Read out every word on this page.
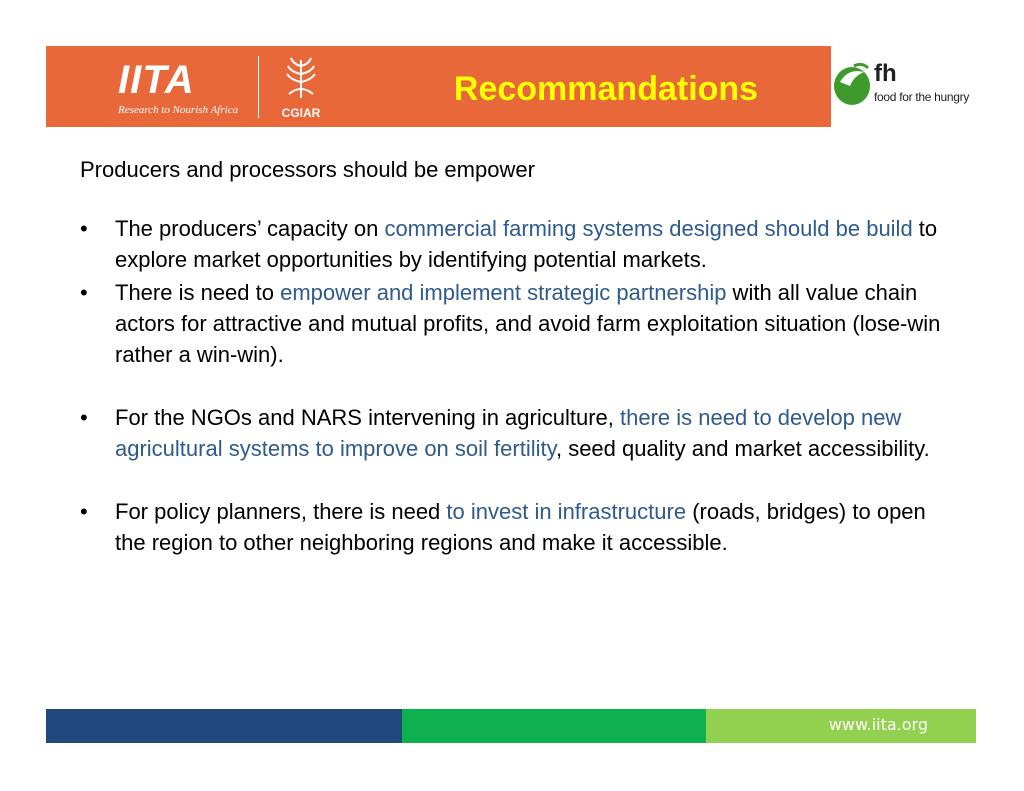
IITA
Research to Nourish Africa	CGIAR
Recommandations	fh
food for the hungry

Producers and processors should be empower

• The producers’ capacity on commercial farming systems designed should be build to explore market opportunities by identifying potential markets.

• There is need to empower and implement strategic partnership with all value chain actors for attractive and mutual profits, and avoid farm exploitation situation (lose-win rather a win-win).

• For the NGOs and NARS intervening in agriculture, there is need to develop new agricultural systems to improve on soil fertility, seed quality and market accessibility.

• For policy planners, there is need to invest in infrastructure (roads, bridges) to open the region to other neighboring regions and make it accessible.

www.iita.org
